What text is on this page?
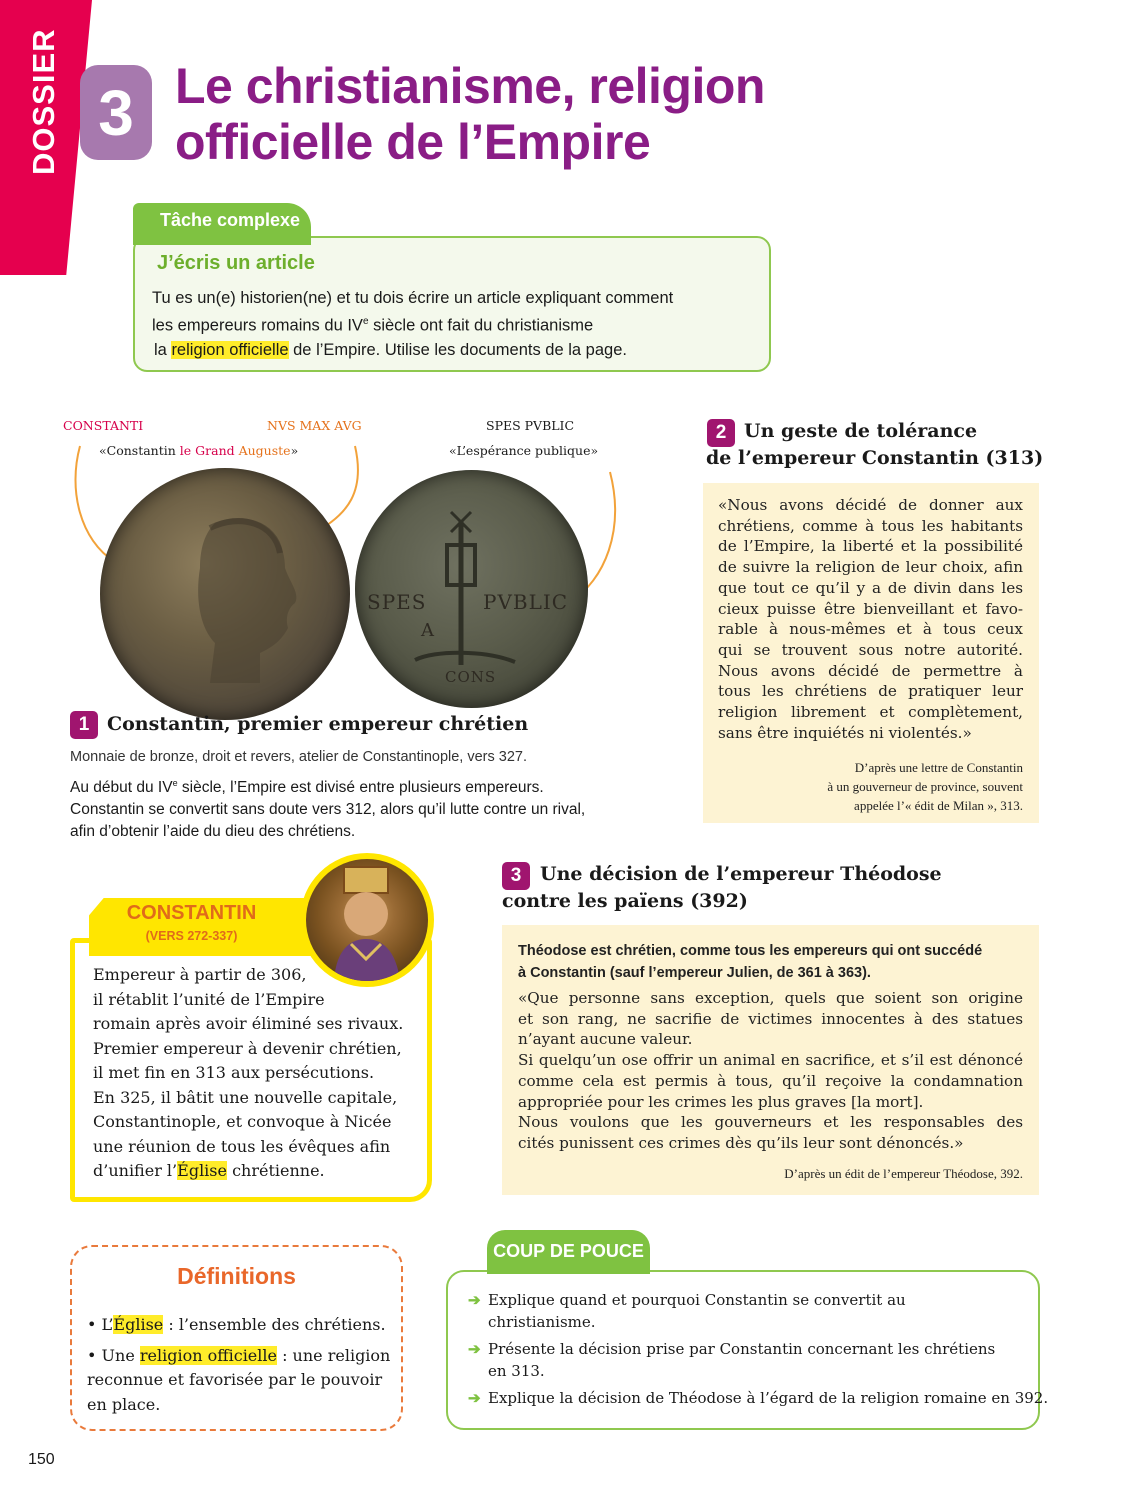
DOSSIER 3 Le christianisme, religion
officielle de l’Empire
Tâche complexe
J’écris un article
Tu es un(e) historien(ne) et tu dois écrire un article expliquant comment
les empereurs romains du IVe siècle ont fait du christianisme
la religion officielle de l’Empire. Utilise les documents de la page.
CONSTANTI	NVS MAX AVG	SPES PVBLIC
«Constantin le Grand Auguste»	«L’espérance publique»
SPES	PVBLIC
A
CONS
1 Constantin, premier empereur chrétien
Monnaie de bronze, droit et revers, atelier de Constantinople, vers 327.
Au début du IVe siècle, l’Empire est divisé entre plusieurs empereurs.
Constantin se convertit sans doute vers 312, alors qu’il lutte contre un rival,
afin d’obtenir l’aide du dieu des chrétiens.
2 Un geste de tolérance
de l’empereur Constantin (313)
«Nous avons décidé de donner aux
chrétiens, comme à tous les habitants
de l’Empire, la liberté et la possibilité
de suivre la religion de leur choix, afin
que tout ce qu’il y a de divin dans les
cieux puisse être bienveillant et favo-
rable à nous-mêmes et à tous ceux
qui se trouvent sous notre autorité.
Nous avons décidé de permettre à
tous les chrétiens de pratiquer leur
religion librement et complètement,
sans être inquiétés ni violentés.»
D’après une lettre de Constantin
à un gouverneur de province, souvent
appelée l’« édit de Milan », 313.
3 Une décision de l’empereur Théodose
contre les païens (392)
Théodose est chrétien, comme tous les empereurs qui ont succédé
à Constantin (sauf l’empereur Julien, de 361 à 363).
«Que personne sans exception, quels que soient son origine
et son rang, ne sacrifie de victimes innocentes à des statues
n’ayant aucune valeur.
Si quelqu’un ose offrir un animal en sacrifice, et s’il est dénoncé
comme cela est permis à tous, qu’il reçoive la condamnation
appropriée pour les crimes les plus graves [la mort].
Nous voulons que les gouverneurs et les responsables des
cités punissent ces crimes dès qu’ils leur sont dénoncés.»
D’après un édit de l’empereur Théodose, 392.
CONSTANTIN
(VERS 272-337)
Empereur à partir de 306,
il rétablit l’unité de l’Empire
romain après avoir éliminé ses rivaux.
Premier empereur à devenir chrétien,
il met fin en 313 aux persécutions.
En 325, il bâtit une nouvelle capitale,
Constantinople, et convoque à Nicée
une réunion de tous les évêques afin
d’unifier l’Église chrétienne.
Définitions
• L’Église : l’ensemble des chrétiens.
• Une religion officielle : une religion
reconnue et favorisée par le pouvoir
en place.
COUP DE POUCE
➔ Explique quand et pourquoi Constantin se convertit au
christianisme.
➔ Présente la décision prise par Constantin concernant les chrétiens
en 313.
➔ Explique la décision de Théodose à l’égard de la religion romaine en 392.
150
